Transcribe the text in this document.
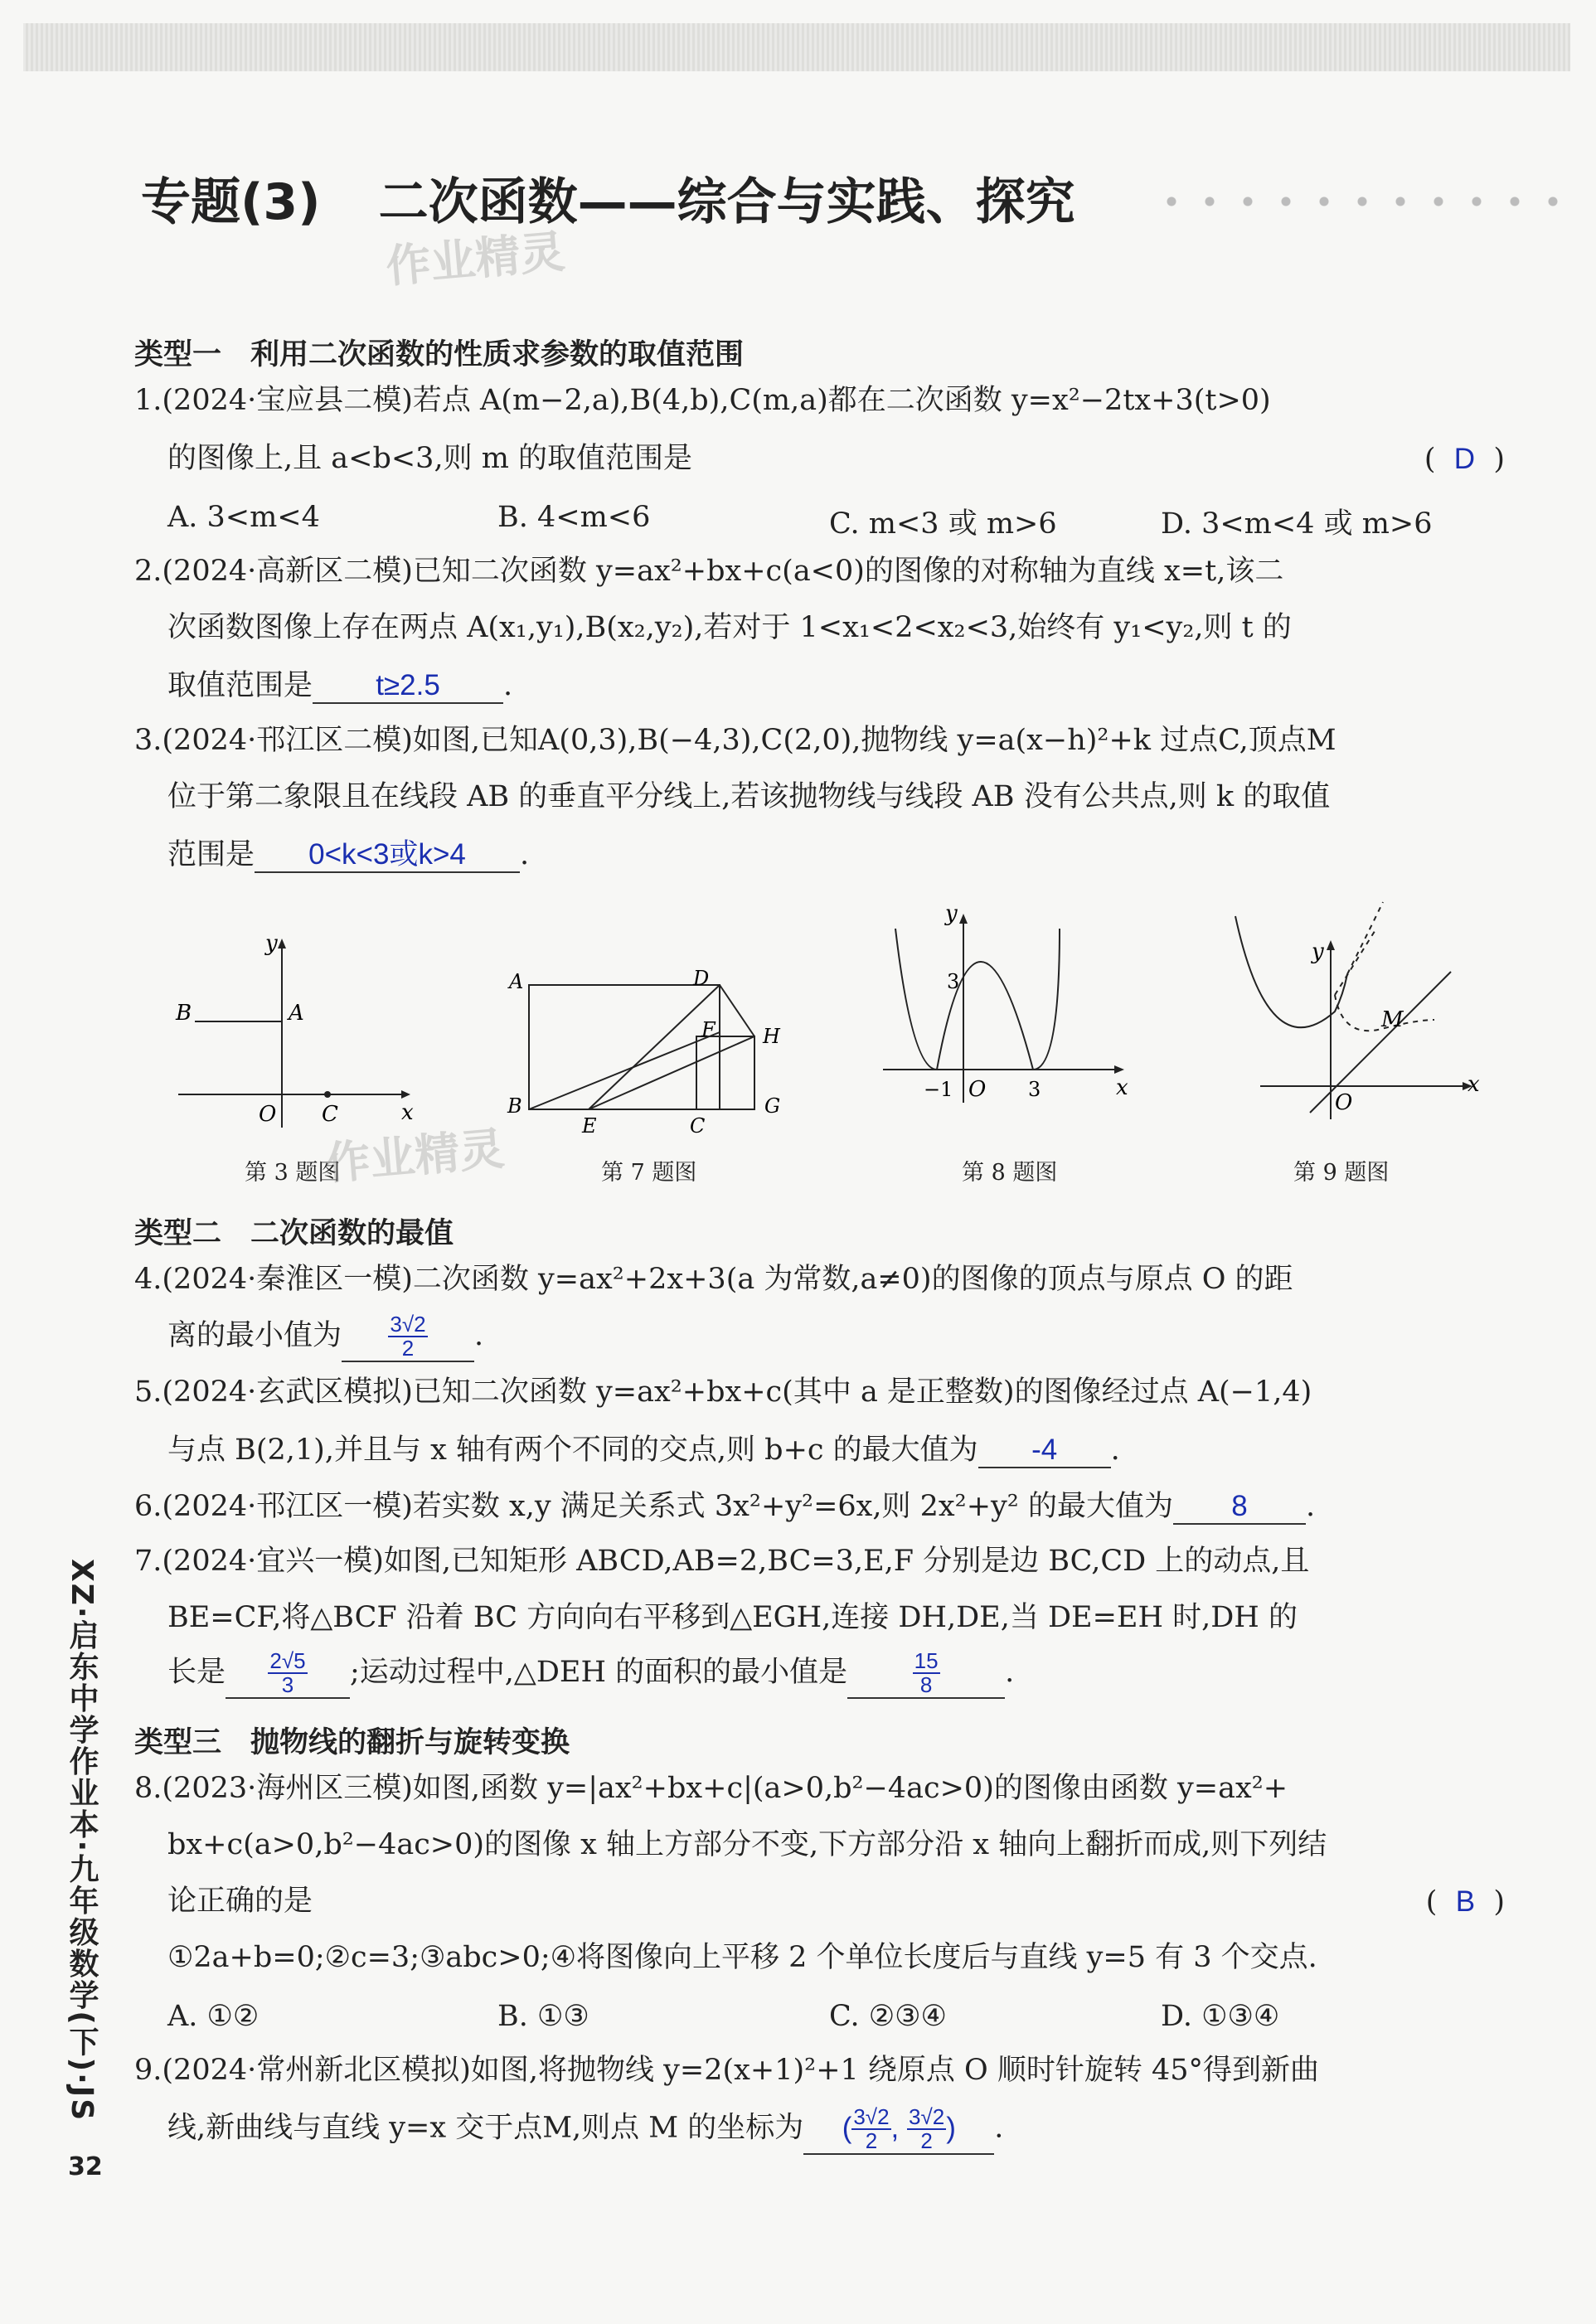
专题(3) 二次函数——综合与实践、探究
作业精灵
类型一　利用二次函数的性质求参数的取值范围
1.(2024·宝应县二模)若点 A(m−2,a),B(4,b),C(m,a)都在二次函数 y=x²−2tx+3(t>0)
的图像上,且 a<b<3,则 m 的取值范围是	( D )
A. 3<m<4	B. 4<m<6	C. m<3 或 m>6	D. 3<m<4 或 m>6
2.(2024·高新区二模)已知二次函数 y=ax²+bx+c(a<0)的图像的对称轴为直线 x=t,该二
次函数图像上存在两点 A(x₁,y₁),B(x₂,y₂),若对于 1<x₁<2<x₂<3,始终有 y₁<y₂,则 t 的
取值范围是 t≥2.5 .
3.(2024·邗江区二模)如图,已知A(0,3),B(−4,3),C(2,0),抛物线 y=a(x−h)²+k 过点C,顶点M
位于第二象限且在线段 AB 的垂直平分线上,若该抛物线与线段 AB 没有公共点,则 k 的取值
范围是 0<k<3或k>4 .
y
x
O
A
B
C
第 3 题图
A
B
C
D
E
F
G
H
第 7 题图
y
x
O
−1	3
3
第 8 题图
y
x
O
M
第 9 题图
作业精灵
类型二　二次函数的最值
4.(2024·秦淮区一模)二次函数 y=ax²+2x+3(a 为常数,a≠0)的图像的顶点与原点 O 的距
离的最小值为 $\frac{3√2}{2}$ .
5.(2024·玄武区模拟)已知二次函数 y=ax²+bx+c(其中 a 是正整数)的图像经过点 A(−1,4)
与点 B(2,1),并且与 x 轴有两个不同的交点,则 b+c 的最大值为 -4 .
6.(2024·邗江区一模)若实数 x,y 满足关系式 3x²+y²=6x,则 2x²+y² 的最大值为 8 .
7.(2024·宜兴一模)如图,已知矩形 ABCD,AB=2,BC=3,E,F 分别是边 BC,CD 上的动点,且
BE=CF,将△BCF 沿着 BC 方向向右平移到△EGH,连接 DH,DE,当 DE=EH 时,DH 的
长是 $\frac{2√5}{3}$ ;运动过程中,△DEH 的面积的最小值是	$\frac{15}{8}$ .
类型三　抛物线的翻折与旋转变换
8.(2023·海州区三模)如图,函数 y=|ax²+bx+c|(a>0,b²−4ac>0)的图像由函数 y=ax²+
bx+c(a>0,b²−4ac>0)的图像 x 轴上方部分不变,下方部分沿 x 轴向上翻折而成,则下列结
论正确的是	( B )
①2a+b=0;②c=3;③abc>0;④将图像向上平移 2 个单位长度后与直线 y=5 有 3 个交点.
A. ①②	B. ①③	C. ②③④	D. ①③④
9.(2024·常州新北区模拟)如图,将抛物线 y=2(x+1)²+1 绕原点 O 顺时针旋转 45°得到新曲
线,新曲线与直线 y=x 交于点M,则点 M 的坐标为 ( $\frac{3√2}{2}$ , $\frac{3√2}{2}$ ) .
XZ·启东中学作业本·九年级数学(下)·JS
32
